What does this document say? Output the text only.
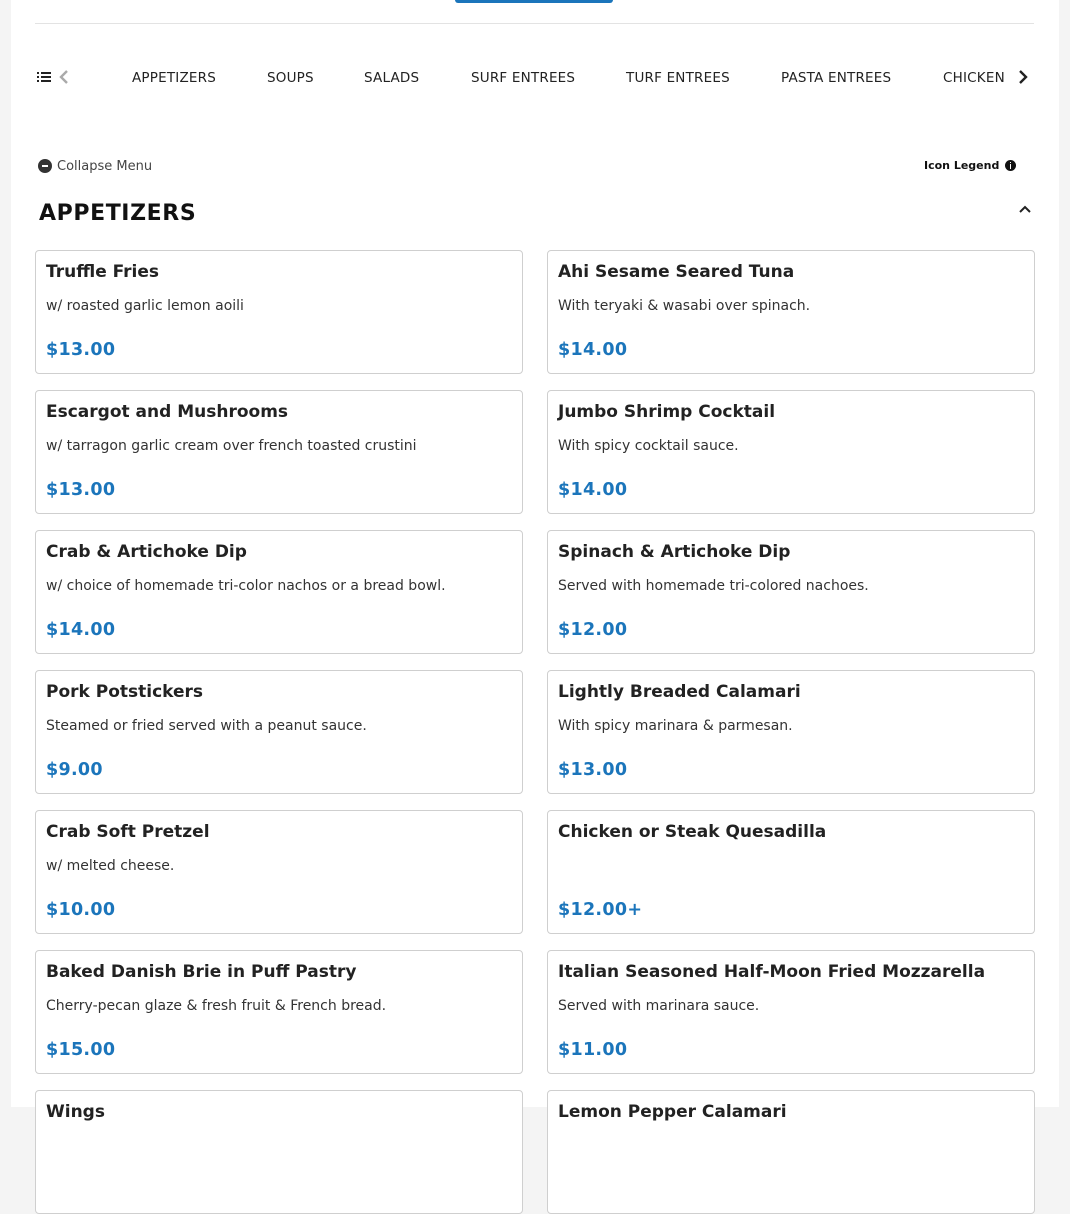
APPETIZERS	SOUPS	SALADS	SURF ENTREES	TURF ENTREES	PASTA ENTREES	CHICKEN
Collapse Menu	Icon Legend
APPETIZERS
Truffle Fries
w/ roasted garlic lemon aoili
$13.00
Ahi Sesame Seared Tuna
With teryaki & wasabi over spinach.
$14.00
Escargot and Mushrooms
w/ tarragon garlic cream over french toasted crustini
$13.00
Jumbo Shrimp Cocktail
With spicy cocktail sauce.
$14.00
Crab & Artichoke Dip
w/ choice of homemade tri-color nachos or a bread bowl.
$14.00
Spinach & Artichoke Dip
Served with homemade tri-colored nachoes.
$12.00
Pork Potstickers
Steamed or fried served with a peanut sauce.
$9.00
Lightly Breaded Calamari
With spicy marinara & parmesan.
$13.00
Crab Soft Pretzel
w/ melted cheese.
$10.00
Chicken or Steak Quesadilla
$12.00+
Baked Danish Brie in Puff Pastry
Cherry-pecan glaze & fresh fruit & French bread.
$15.00
Italian Seasoned Half-Moon Fried Mozzarella
Served with marinara sauce.
$11.00
Wings	Lemon Pepper Calamari
